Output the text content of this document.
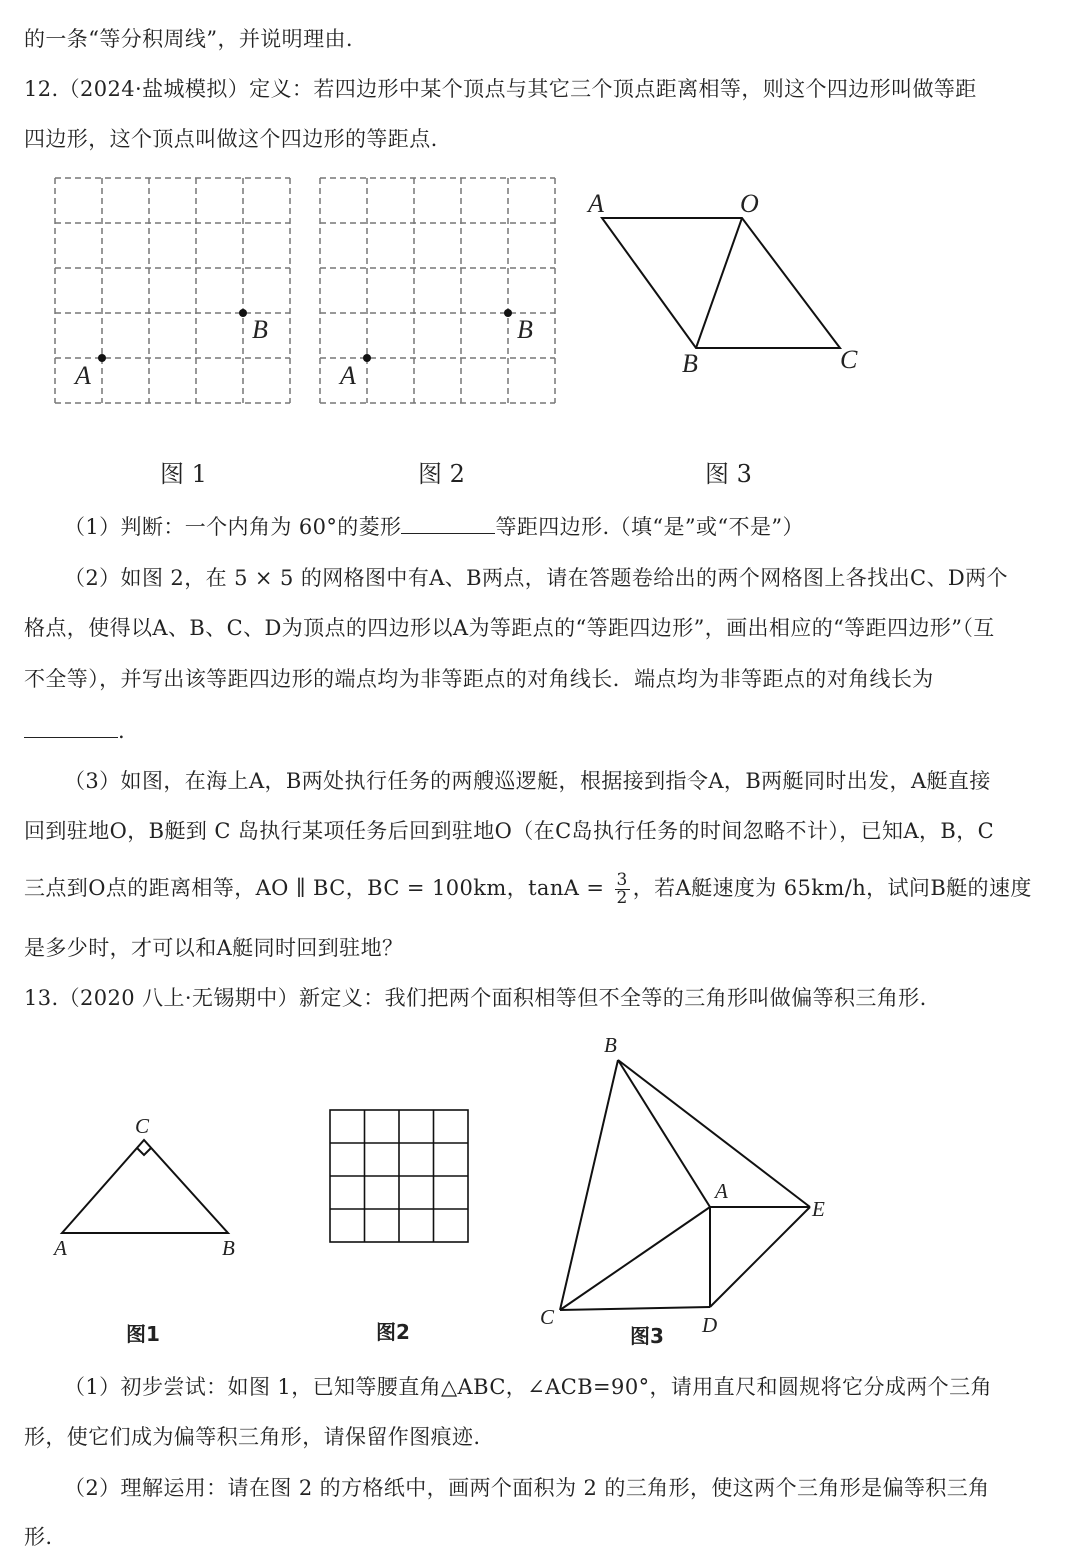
的一条“等分积周线”，并说明理由.
12.（2024·盐城模拟）定义：若四边形中某个顶点与其它三个顶点距离相等，则这个四边形叫做等距
四边形，这个顶点叫做这个四边形的等距点.
A
B
A
B
A	O
B	C
图 1	图 2	图 3
（1）判断：一个内角为 60°的菱形	等距四边形.（填“是”或“不是”）
（2）如图 2，在 5 × 5 的网格图中有A、B两点，请在答题卷给出的两个网格图上各找出C、D两个
格点，使得以A、B、C、D为顶点的四边形以A为等距点的“等距四边形”，画出相应的“等距四边形”（互
不全等），并写出该等距四边形的端点均为非等距点的对角线长．端点均为非等距点的对角线长为
.
（3）如图，在海上A，B两处执行任务的两艘巡逻艇，根据接到指令A，B两艇同时出发，A艇直接
回到驻地O，B艇到 C 岛执行某项任务后回到驻地O（在C岛执行任务的时间忽略不计），已知A，B，C
三点到O点的距离相等，AO ∥ BC，BC = 100km，$\tan A = \frac{3}{2}$ ，若A艇速度为 65km/h，试问B艇的速度
是多少时，才可以和A艇同时回到驻地？
13.（2020 八上·无锡期中）新定义：我们把两个面积相等但不全等的三角形叫做偏等积三角形.
C
A	B
B
A
E
C	D
图1	图2	图3
（1）初步尝试：如图 1，已知等腰直角△ABC，∠ACB=90°，请用直尺和圆规将它分成两个三角
形，使它们成为偏等积三角形，请保留作图痕迹.
（2）理解运用：请在图 2 的方格纸中，画两个面积为 2 的三角形，使这两个三角形是偏等积三角
形.
